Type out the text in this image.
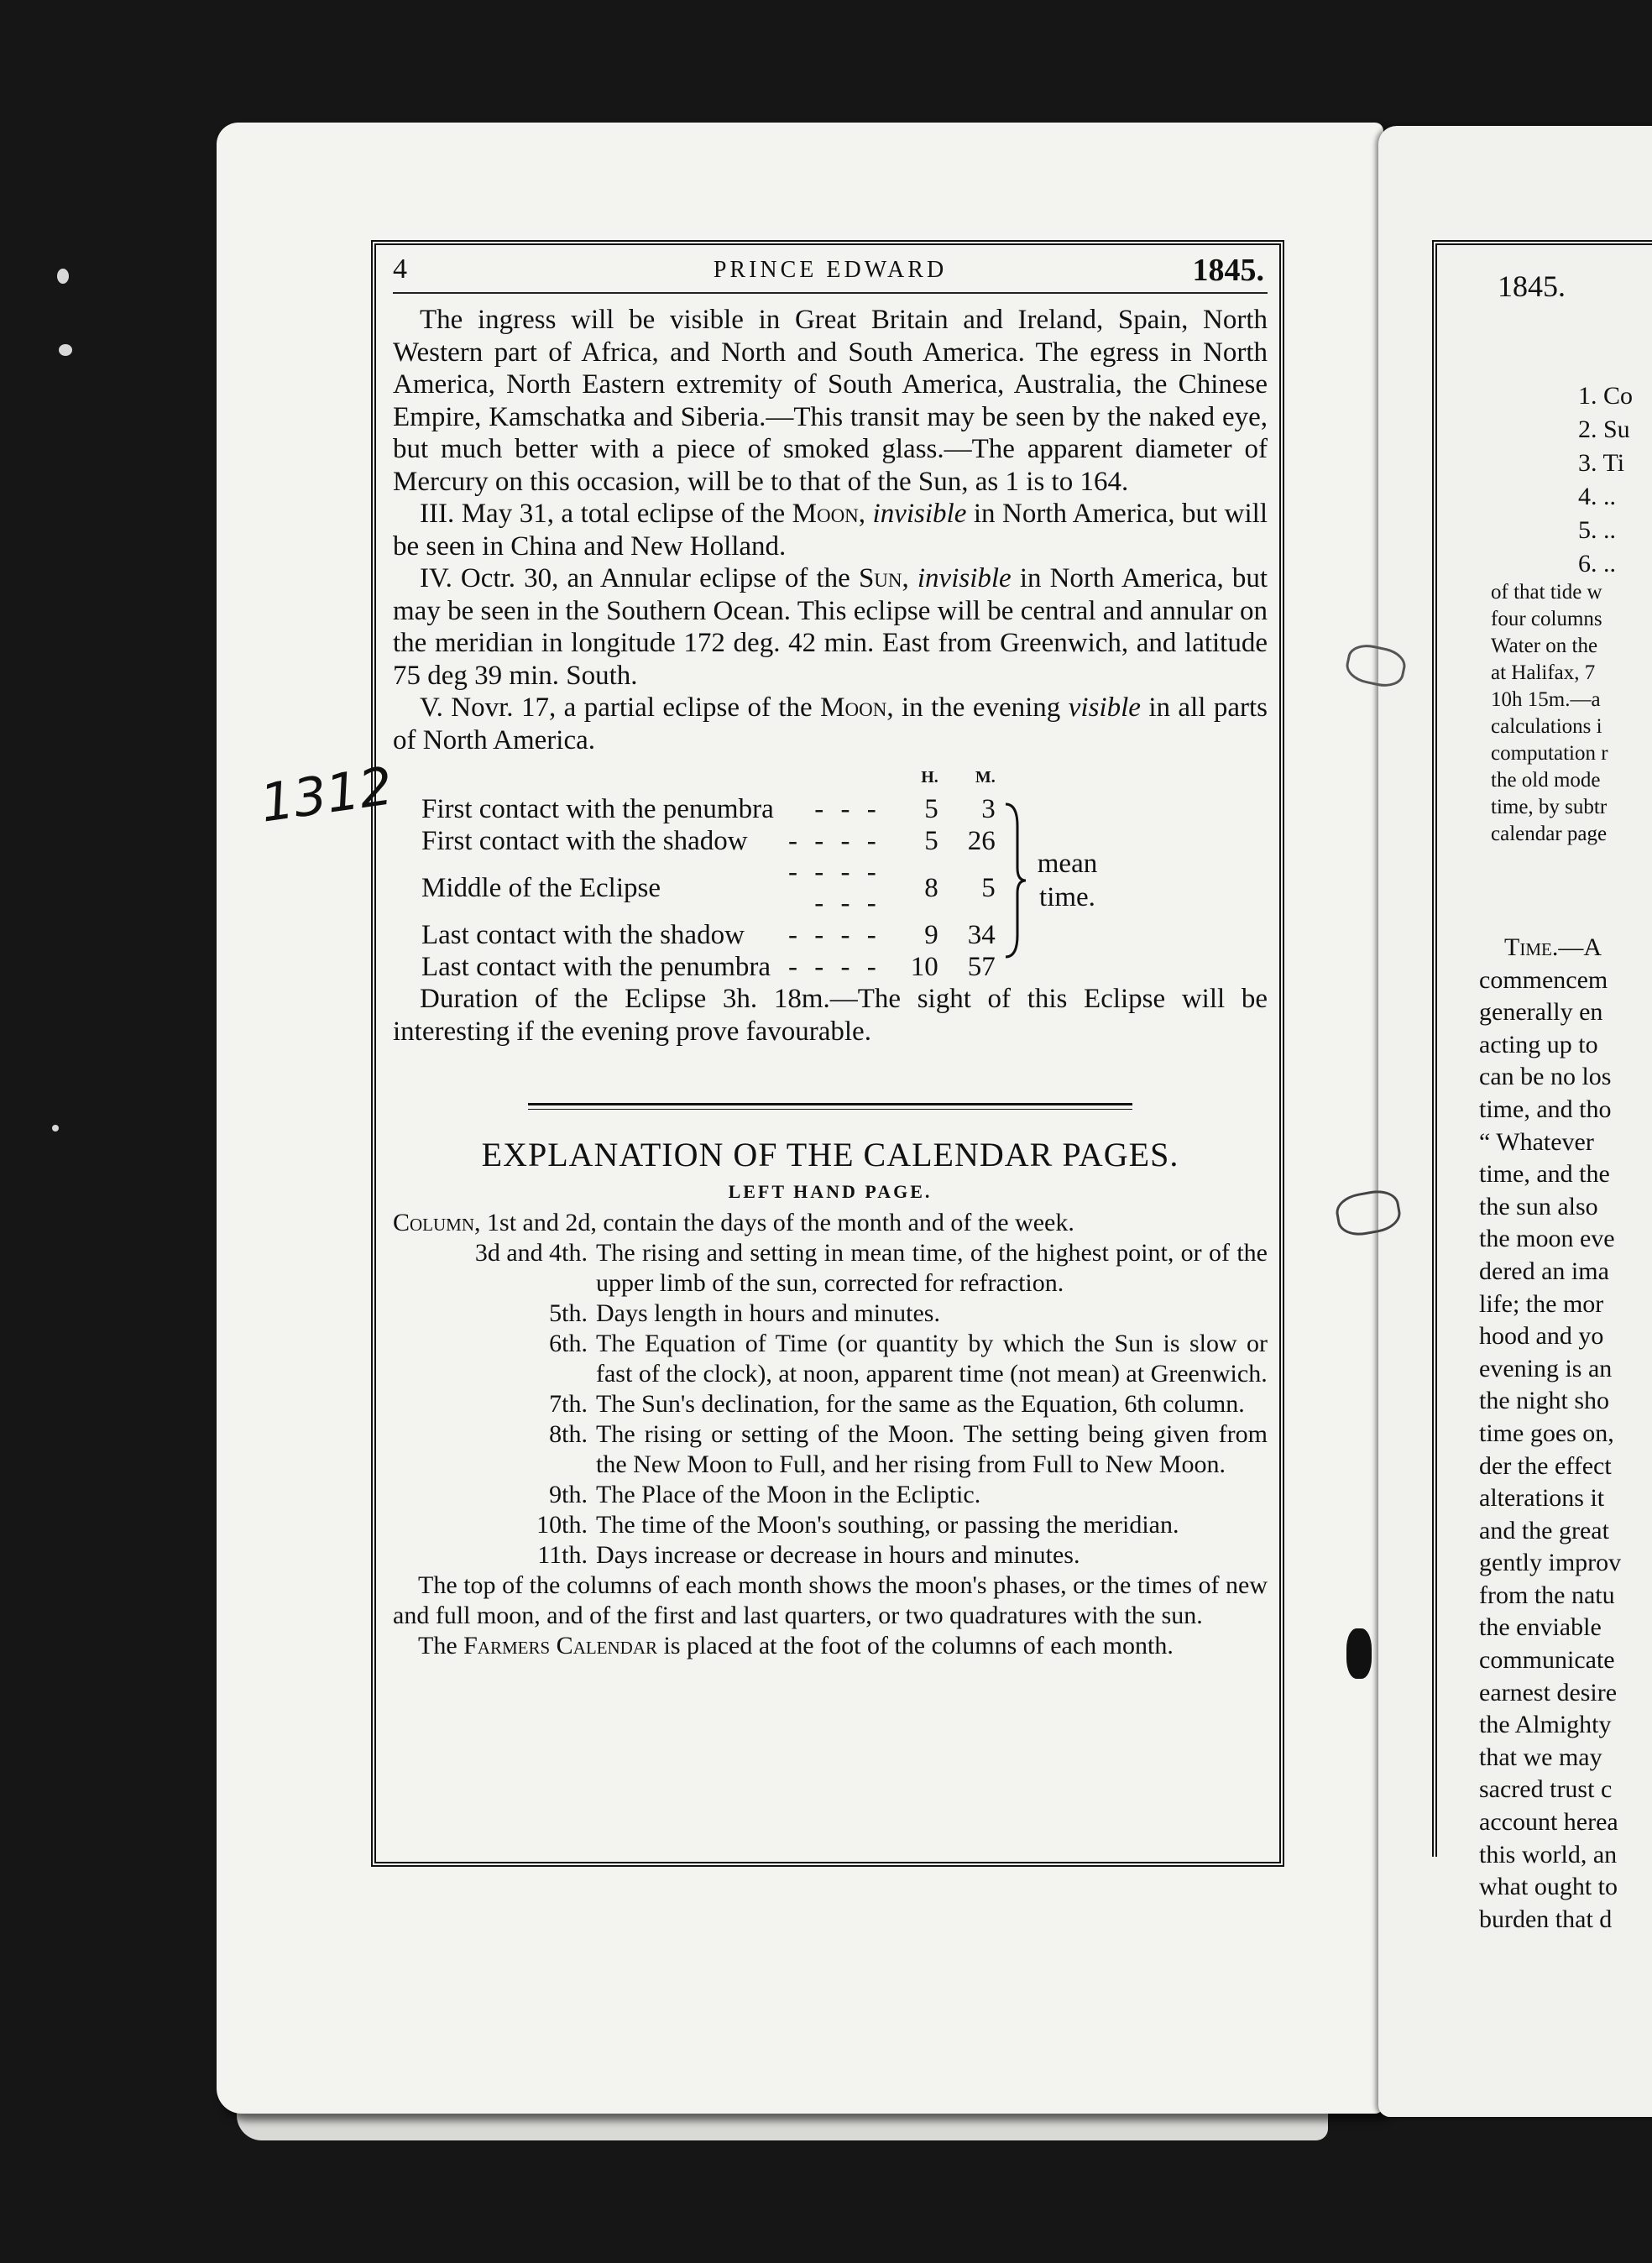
4	PRINCE EDWARD	1845.

The ingress will be visible in Great Britain and Ireland, Spain, North Western part of Africa, and North and South America. The egress in North America, North Eastern extremity of South America, Australia, the Chinese Empire, Kamschatka and Siberia.—This transit may be seen by the naked eye, but much better with a piece of smoked glass.—The apparent diameter of Mercury on this occasion, will be to that of the Sun, as 1 is to 164.

III. May 31, a total eclipse of the Moon, invisible in North America, but will be seen in China and New Holland.

IV. Octr. 30, an Annular eclipse of the Sun, invisible in North America, but may be seen in the Southern Ocean. This eclipse will be central and annular on the meridian in longitude 172 deg. 42 min. East from Greenwich, and latitude 75 deg 39 min. South.

V. Novr. 17, a partial eclipse of the Moon, in the evening visible in all parts of North America.

		H.	M.
First contact with the penumbra	- - -	5	3
First contact with the shadow	- - - -	5	26
Middle of the Eclipse	- - - - - - -	8	5
Last contact with the shadow	- - - -	9	34
Last contact with the penumbra	- - - -	10	57
mean
time.

Duration of the Eclipse 3h. 18m.—The sight of this Eclipse will be interesting if the evening prove favourable.

EXPLANATION OF THE CALENDAR PAGES.
LEFT HAND PAGE.
Column, 1st and 2d, contain the days of the month and of the week.
3d and 4th. The rising and setting in mean time, of the highest point, or of the upper limb of the sun, corrected for refraction.
5th. Days length in hours and minutes.
6th. The Equation of Time (or quantity by which the Sun is slow or fast of the clock), at noon, apparent time (not mean) at Greenwich.
7th. The Sun's declination, for the same as the Equation, 6th column.
8th. The rising or setting of the Moon. The setting being given from the New Moon to Full, and her rising from Full to New Moon.
9th. The Place of the Moon in the Ecliptic.
10th. The time of the Moon's southing, or passing the meridian.
11th. Days increase or decrease in hours and minutes.

The top of the columns of each month shows the moon's phases, or the times of new and full moon, and of the first and last quarters, or two quadratures with the sun.

The Farmers Calendar is placed at the foot of the columns of each month.

1312
1845.
1. Co
2. Su
3. Ti
4. ..
5. ..
6. ..
of that tide w
four columns
Water on the
at Halifax, 7
10h 15m.—a
calculations i
computation r
the old mode
time, by subtr
calendar page
Time.—A
commencem
generally en
acting up to
can be no los
time, and tho
“ Whatever
time, and the
the sun also
the moon eve
dered an ima
life; the mor
hood and yo
evening is an
the night sho
time goes on,
der the effect
alterations it
and the great
gently improv
from the natu
the enviable
communicate
earnest desire
the Almighty
that we may
sacred trust c
account herea
this world, an
what ought to
burden that d
